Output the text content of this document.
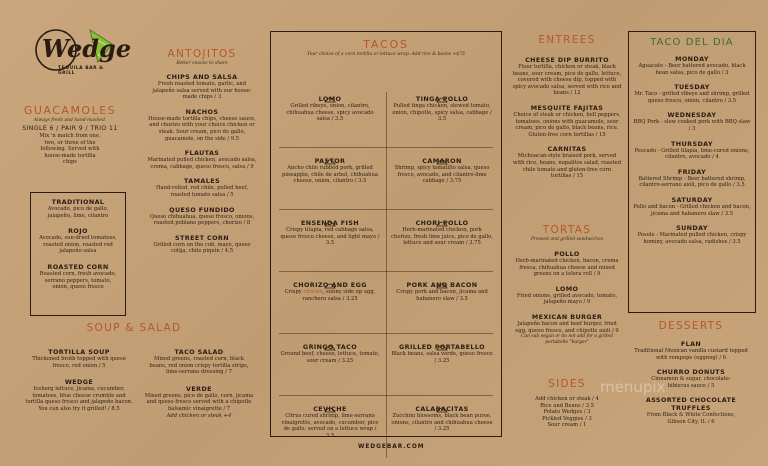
Wedge
TEQUILA BAR & GRILL

GUACAMOLES

Always fresh and hand-mashed.

SINGLE 6 / PAIR 9 / TRIO 11

Mix 'n match from one, two, or three of the following. Served with house-made tortilla chips

TRADITIONAL

Avocado, pico de gallo, jalapeño, lime, cilantro

ROJO

Avocado, sun-dried tomatoes, roasted onion, roasted red jalapeño salsa

ROASTED CORN

Roasted corn, fresh avocado, serrano peppers, tomato, onion, queso fresco

SOUP & SALAD

TORTILLA SOUP

Thickened broth topped with queso fresco, red onion / 5

WEDGE

Iceberg lettuce, jicama, cucumber, tomatoes, blue cheese crumble and tortilla queso fresco and jalapeño bacon. You can also try it grilled! / 8.5

TACO SALAD

Mixed greens, roasted corn, black beans, red onion crispy tortilla strips, lime-serrano dressing / 7

VERDE

Mixed greens, pico de gallo, corn, jicama and queso fresco served with a chipotle balsamic vinaigrette / 7

Add chicken or steak +4

ANTOJITOS

Better snacks to share

CHIPS AND SALSA

Fresh roasted tomato, garlic, and jalapeño salsa served with our house-made chips / 3

NACHOS

House-made tortilla chips, cheese sauce, and chorizo with your choice chicken or steak. Sour cream, pico de gallo, guacamole, on the side / 9.5

FLAUTAS

Marinated pulled chicken, avocado salsa, crema, cabbage, queso fresco, salsa / 9

TAMALES

Hand-rolled, red chile, pulled beef, roasted tomato salsa / 5

QUESO FUNDIDO

Queso chihuahua, queso fresco, onions, roasted poblano peppers, chorizo / 8

STREET CORN

Grilled corn on the cob, mayo, queso cotija, chile piquin / 4.5

TACOS

Your choice of a corn tortilla or lettuce wrap. Add rice & beans +$75

LOMO

Grilled ribeye, onion, cilantro, chihuahua cheese, spicy avocado salsa / 3.5

TINGA POLLO

Pulled tinga chicken, stewed tomato, onion, chipotle, spicy salsa, cabbage / 3.5

PASTOR

Ancho chile rubbed pork, grilled pineapple, chile de arbol, chihuahua cheese, onion, cilantro / 3.5

CAMARON

Shrimp, spicy tomatillo salsa, queso fresco, avocado, and cilantro-lime cabbage / 3.75

ENSENDA FISH

Crispy tilapia, red cabbage salsa, queso fresco cheese, and light mayo / 3.5

CHORI POLLO

Herb-marinated chicken, pork chorizo, fresh lime juice, pico de gallo, lettuce and sour cream / 3.75

CHORIZO AND EGG

Crispy chorizo, sunny side up egg, ranchero salsa / 3.25

PORK AND BACON

Crispy pork and bacon, jicama and habanero slaw / 3.5

GRINGO TACO

Ground beef, cheese, lettuce, tomato, sour cream / 3.25

GRILLED PORTABELLO

Black beans, salsa verde, queso fresco / 3.25

CEVICHE

Citrus cured shrimp, lime-serrano vinaigrette, avocado, cucumber, pico de gallo, served on a lettuce wrap / 3.5

CALABACITAS

Zucchini blossoms, black bean puree, onions, cilantro and chihuahua cheese / 3.25

WEDGEBAR.COM

ENTREES

CHEESE DIP BURRITO

Flour tortilla, chicken or steak, black beans, sour cream, pico de gallo, lettuce, covered with cheese dip, topped with spicy avocado salsa, served with rice and beans / 12

MESQUITE FAJITAS

Choice of steak or chicken, bell peppers, tomatoes, onions with guacamole, sour cream, pico de gallo, black beans, rice. Gluten-free corn tortillas / 15

CARNITAS

Michoacan-style braised pork, served with rice, beans, nopalitos salad, roasted chile tomato and gluten-free corn tortillas / 15

TORTAS

Pressed and grilled sandwiches

POLLO

Herb-marinated chicken, bacon, crema fresca, chihuahua cheese and mixed greens on a telera roll / 9

LOMO

Fried onions, grilled avocado, tomato, jalapeño mayo / 9

MEXICAN BURGER

Jalapeño bacon and beef burger, fried egg, queso fresco, and chipotle aioli / 9

Can sub vegan or do not add for a grilled portabello "burger"

SIDES

Add chicken or steak / 4

Rice and Beans / 3.5

Potato Wedges / 3

Pickled Veggies / 3

Sour cream / 1

TACO DEL DIA

MONDAY

Aguacate - Beer battered avocado, black bean salsa, pico de gallo / 3

TUESDAY

Mr. Taco - grilled ribeye and shrimp, grilled queso fresco, onion, cilantro / 3.5

WEDNESDAY

BBQ Pork - slow cooked pork with BBQ slaw / 3

THURSDAY

Pescado - Grilled tilapia, lime-cured onions, cilantro, avocado / 4

FRIDAY

Battered Shrimp - Beer battered shrimp, cilantro-serrano aioli, pico de gallo / 3.5

SATURDAY

Pollo and bacon - Grilled chicken and bacon, jicama and habanero slaw / 3.5

SUNDAY

Posole - Marinated pulled chicken, crispy hominy, avocado salsa, radishes / 3.5

DESSERTS

FLAN

Traditional Mexican vanilla custard topped with rompope (eggnog) / 6

CHURRO DONUTS

Cinnamon & sugar, chocolate-hibiscus sauce / 5

ASSORTED CHOCOLATE TRUFFLES

From Black & White Confections, Gibson City, IL / 6

menupix
